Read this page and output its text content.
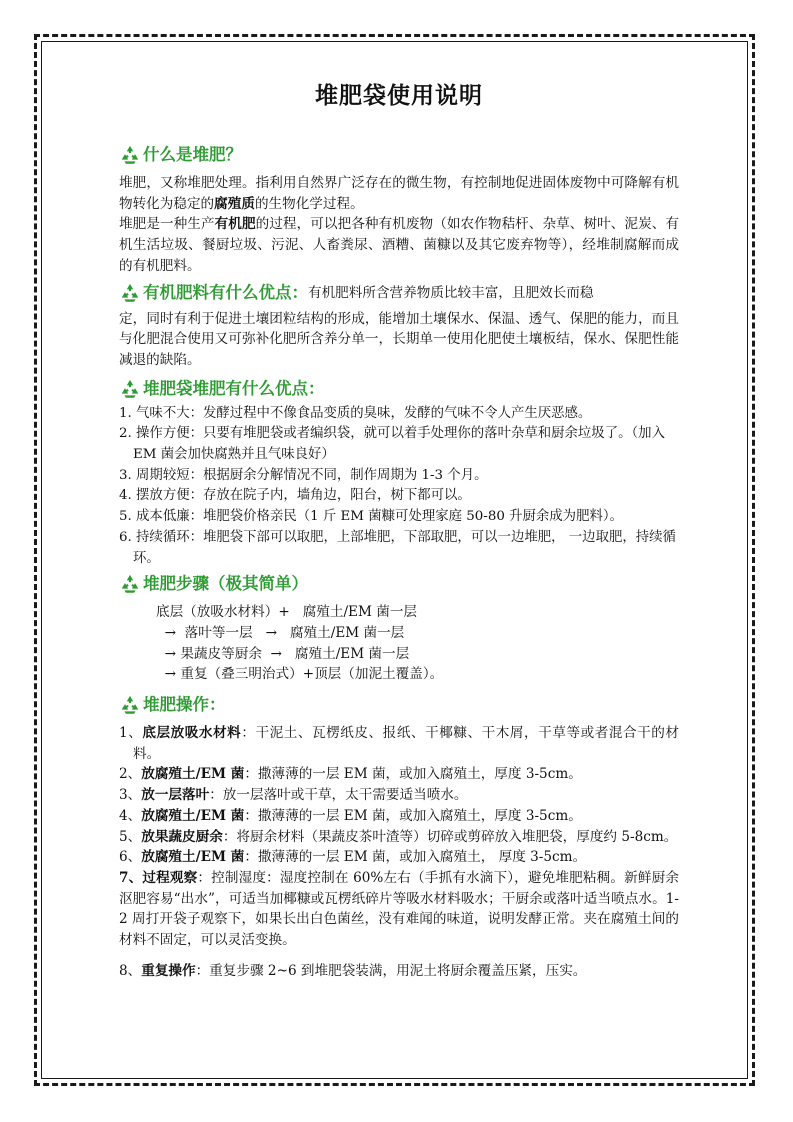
堆肥袋使用说明
什么是堆肥？

堆肥，又称堆肥处理。指利用自然界广泛存在的微生物，有控制地促进固体废物中可降解有机物转化为稳定的腐殖质的生物化学过程。

堆肥是一种生产有机肥的过程，可以把各种有机废物（如农作物秸杆、杂草、树叶、泥炭、有机生活垃圾、餐厨垃圾、污泥、人畜粪尿、酒糟、菌糠以及其它废弃物等），经堆制腐解而成的有机肥料。

有机肥料有什么优点： 有机肥料所含营养物质比较丰富，且肥效长而稳

定，同时有利于促进土壤团粒结构的形成，能增加土壤保水、保温、透气、保肥的能力，而且与化肥混合使用又可弥补化肥所含养分单一，长期单一使用化肥使土壤板结，保水、保肥性能减退的缺陷。

堆肥袋堆肥有什么优点：
1. 气味不大：发酵过程中不像食品变质的臭味，发酵的气味不令人产生厌恶感。
2. 操作方便：只要有堆肥袋或者编织袋，就可以着手处理你的落叶杂草和厨余垃圾了。（加入 EM 菌会加快腐熟并且气味良好）
3. 周期较短：根据厨余分解情况不同，制作周期为 1-3 个月。
4. 摆放方便：存放在院子内，墙角边，阳台，树下都可以。
5. 成本低廉：堆肥袋价格亲民（1 斤 EM 菌糠可处理家庭 50-80 升厨余成为肥料）。
6. 持续循环：堆肥袋下部可以取肥，上部堆肥，下部取肥，可以一边堆肥， 一边取肥，持续循环。
堆肥步骤（极其简单）
底层（放吸水材料）+   腐殖土/EM 菌一层
→  落叶等一层   →   腐殖土/EM 菌一层
→ 果蔬皮等厨余  →   腐殖土/EM 菌一层
→ 重复（叠三明治式）+顶层（加泥土覆盖）。
堆肥操作：

1、底层放吸水材料：干泥土、瓦楞纸皮、报纸、干椰糠、干木屑，干草等或者混合干的材料。

2、放腐殖土/EM 菌：撒薄薄的一层 EM 菌，或加入腐殖土，厚度 3-5cm。

3、放一层落叶：放一层落叶或干草，太干需要适当喷水。

4、放腐殖土/EM 菌：撒薄薄的一层 EM 菌，或加入腐殖土，厚度 3-5cm。

5、放果蔬皮厨余：将厨余材料（果蔬皮茶叶渣等）切碎或剪碎放入堆肥袋，厚度约 5-8cm。

6、放腐殖土/EM 菌：撒薄薄的一层 EM 菌，或加入腐殖土， 厚度 3-5cm。

7、过程观察：控制湿度：湿度控制在 60%左右（手抓有水滴下），避免堆肥粘稠。新鲜厨余沤肥容易“出水”，可适当加椰糠或瓦楞纸碎片等吸水材料吸水；干厨余或落叶适当喷点水。1-2 周打开袋子观察下，如果长出白色菌丝，没有难闻的味道，说明发酵正常。夹在腐殖土间的材料不固定，可以灵活变换。

8、重复操作：重复步骤 2~6 到堆肥袋装满，用泥土将厨余覆盖压紧，压实。
